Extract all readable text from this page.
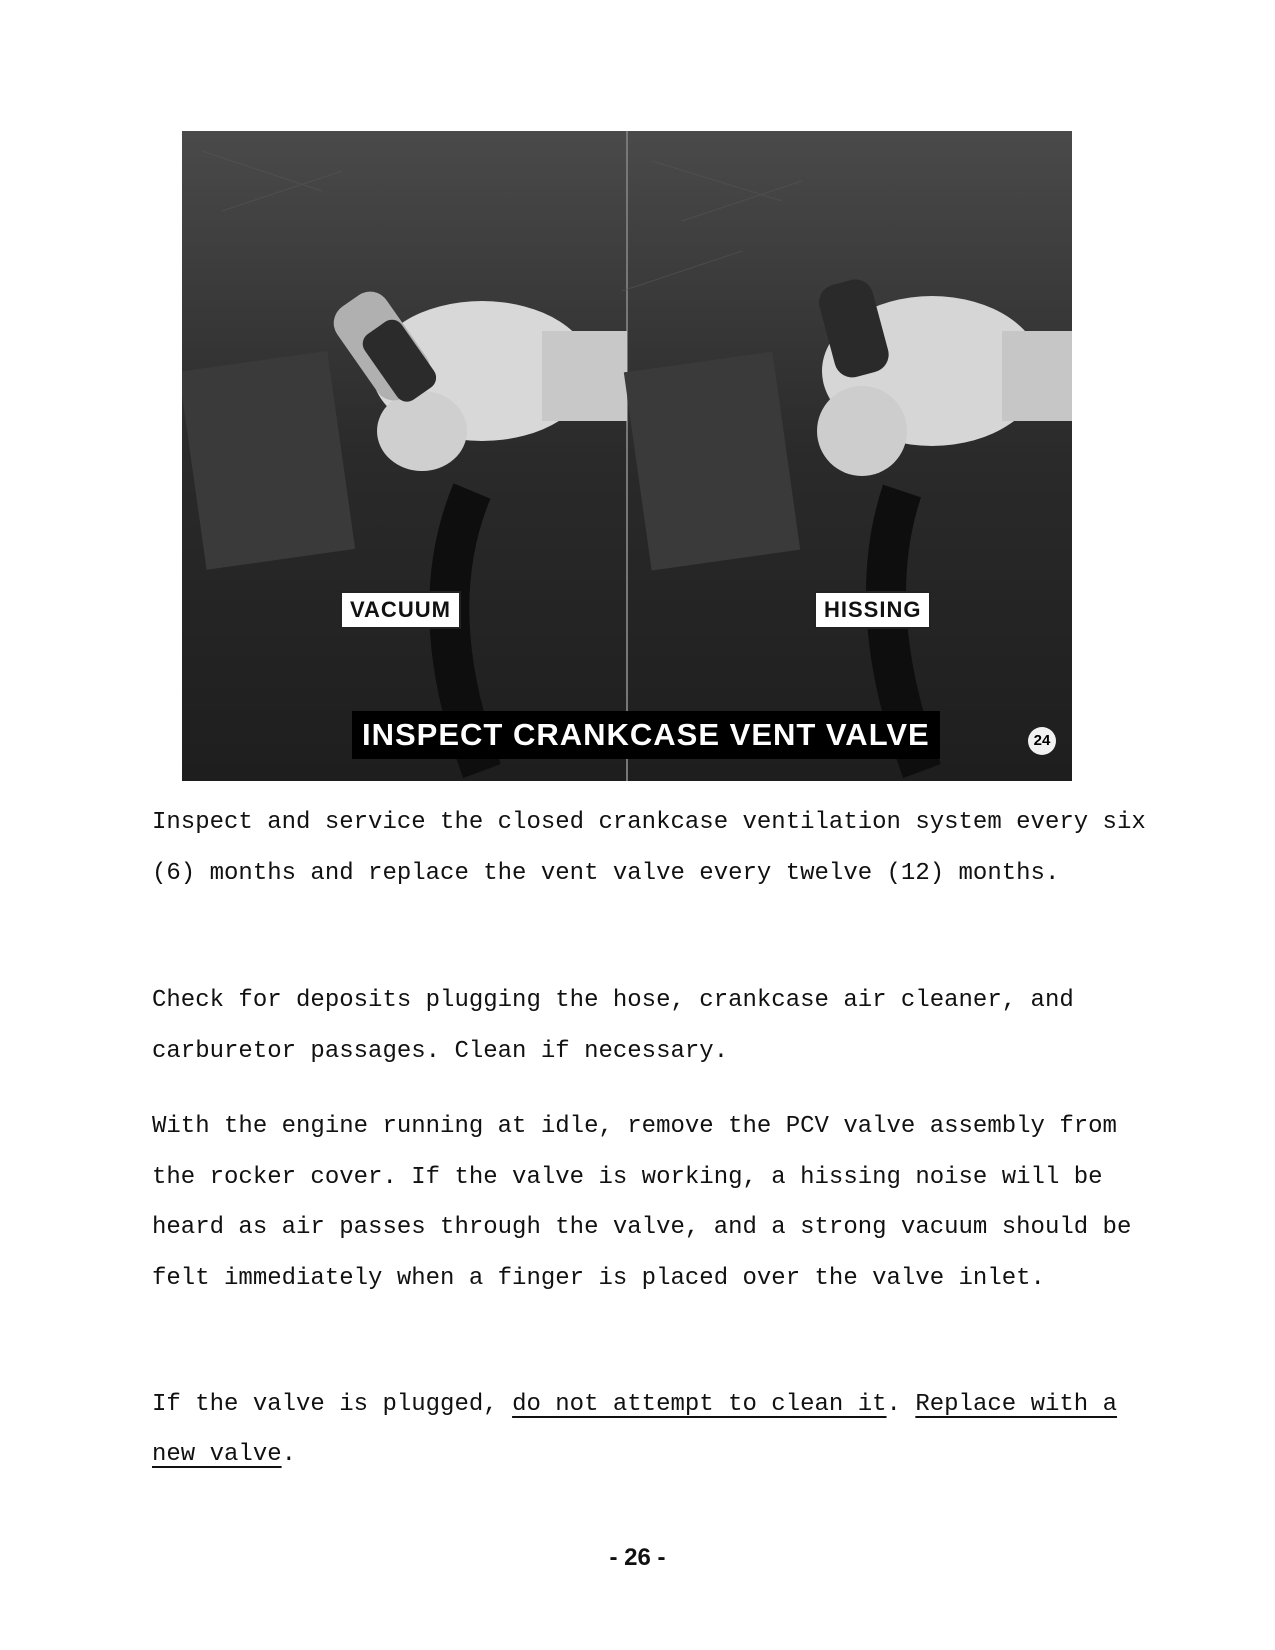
VACUUM	HISSING
INSPECT CRANKCASE VENT VALVE	24

Inspect and service the closed crankcase ventilation system every six (6) months and replace the vent valve every twelve (12) months.

Check for deposits plugging the hose, crankcase air cleaner, and carburetor passages. Clean if necessary.

With the engine running at idle, remove the PCV valve assembly from the rocker cover. If the valve is working, a hissing noise will be heard as air passes through the valve, and a strong vacuum should be felt immediately when a finger is placed over the valve inlet.

If the valve is plugged, do not attempt to clean it. Replace with a new valve.

- 26 -
